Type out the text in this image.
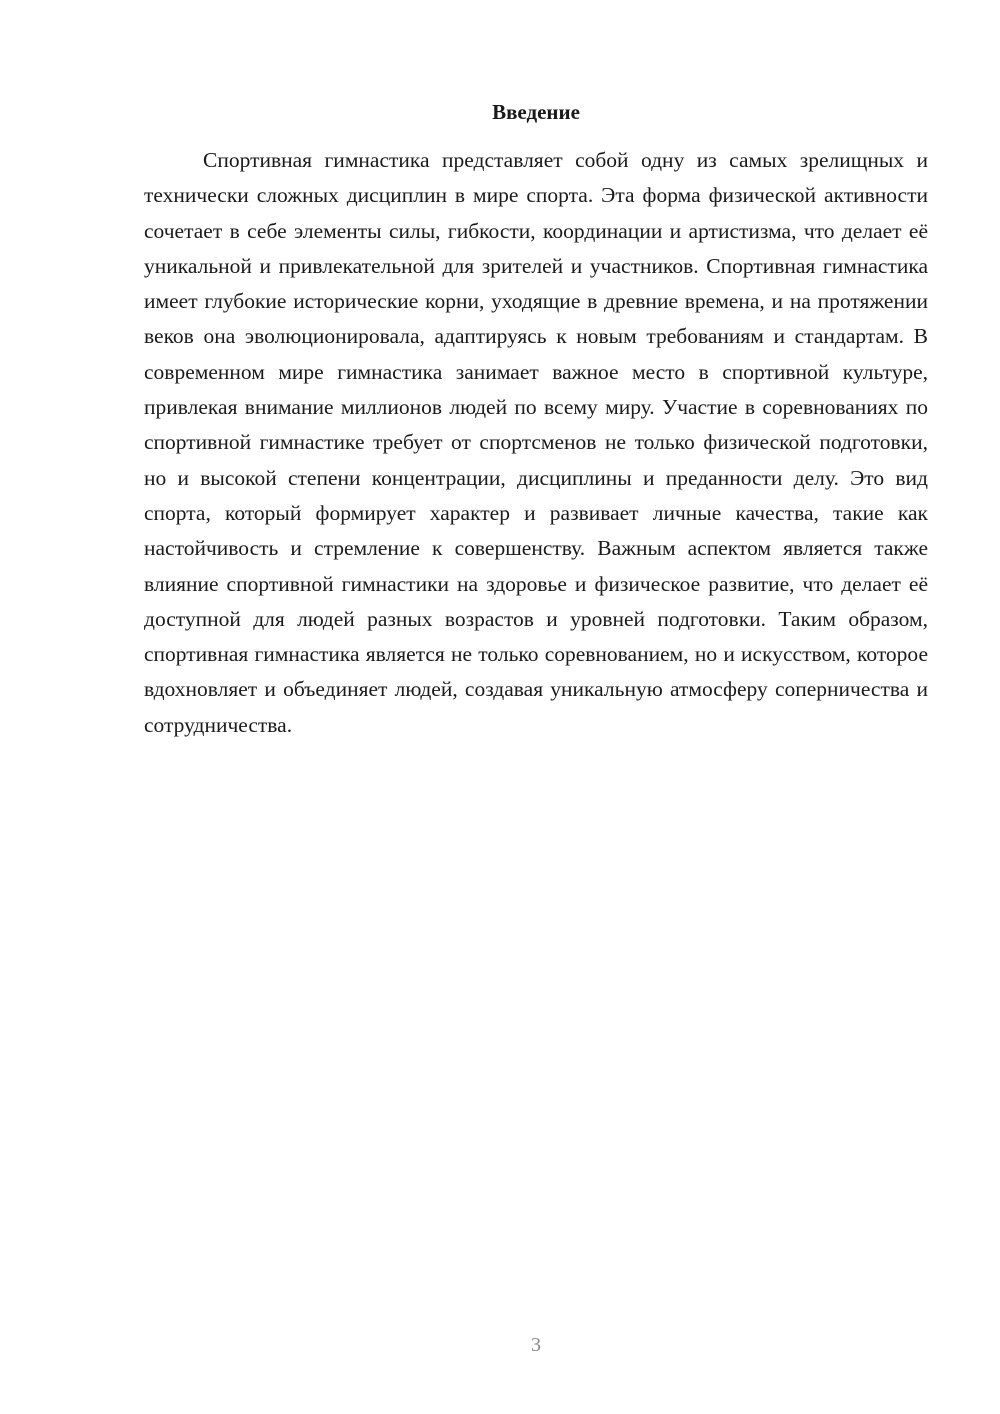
Введение

Спортивная гимнастика представляет собой одну из самых зрелищных и технически сложных дисциплин в мире спорта. Эта форма физической активности сочетает в себе элементы силы, гибкости, координации и артистизма, что делает её уникальной и привлекательной для зрителей и участников. Спортивная гимнастика имеет глубокие исторические корни, уходящие в древние времена, и на протяжении веков она эволюционировала, адаптируясь к новым требованиям и стандартам. В современном мире гимнастика занимает важное место в спортивной культуре, привлекая внимание миллионов людей по всему миру. Участие в соревнованиях по спортивной гимнастике требует от спортсменов не только физической подготовки, но и высокой степени концентрации, дисциплины и преданности делу. Это вид спорта, который формирует характер и развивает личные качества, такие как настойчивость и стремление к совершенству. Важным аспектом является также влияние спортивной гимнастики на здоровье и физическое развитие, что делает её доступной для людей разных возрастов и уровней подготовки. Таким образом, спортивная гимнастика является не только соревнованием, но и искусством, которое вдохновляет и объединяет людей, создавая уникальную атмосферу соперничества и сотрудничества.

3
